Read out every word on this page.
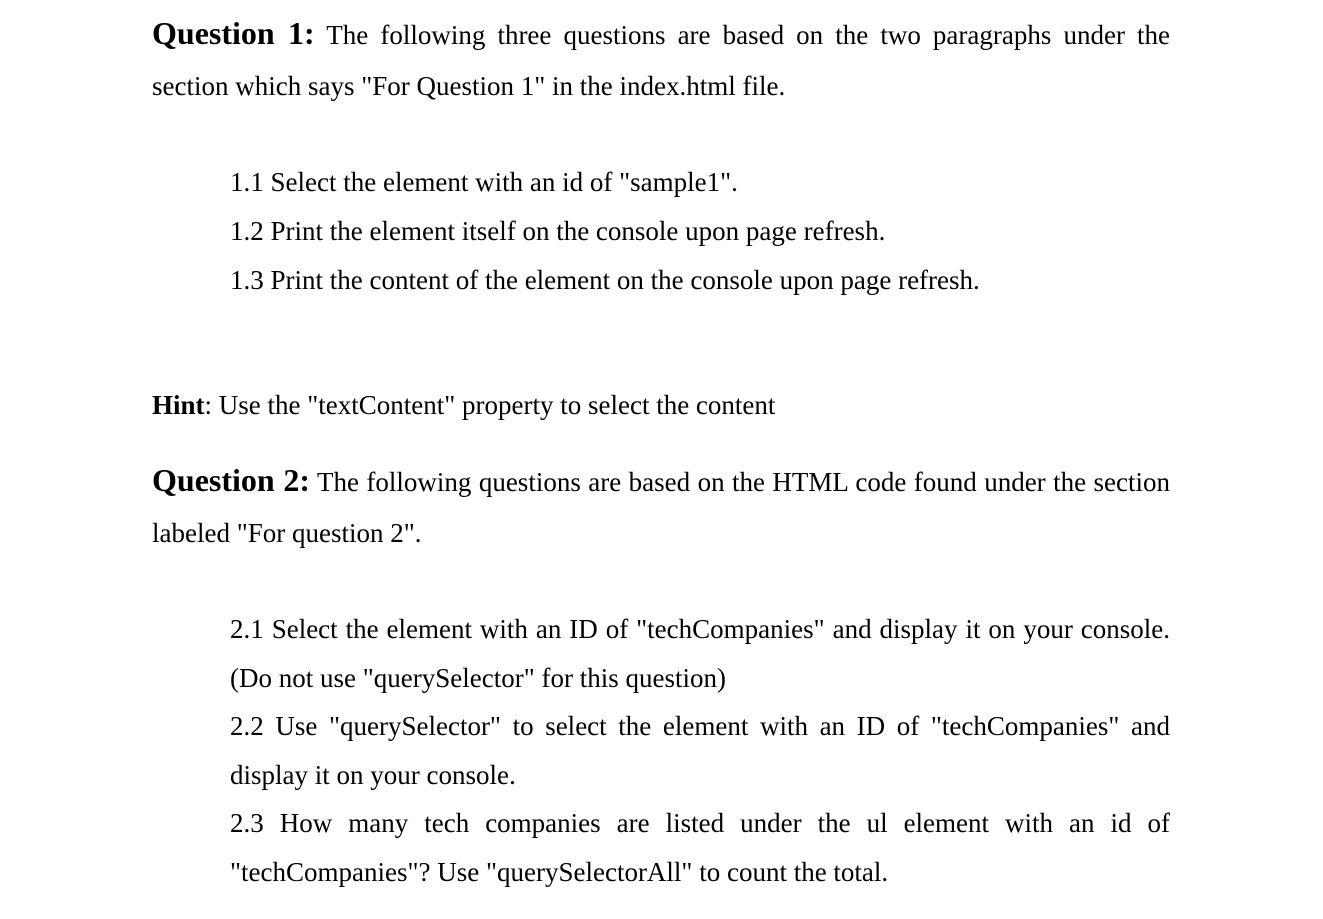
Question 1: The following three questions are based on the two paragraphs under the section which says "For Question 1" in the index.html file.

1.1 Select the element with an id of "sample1".

1.2 Print the element itself on the console upon page refresh.

1.3 Print the content of the element on the console upon page refresh.

Hint: Use the "textContent" property to select the content

Question 2: The following questions are based on the HTML code found under the section labeled "For question 2".

2.1 Select the element with an ID of "techCompanies" and display it on your console. (Do not use "querySelector" for this question)

2.2 Use "querySelector" to select the element with an ID of "techCompanies" and display it on your console.

2.3 How many tech companies are listed under the ul element with an id of "techCompanies"? Use "querySelectorAll" to count the total.
